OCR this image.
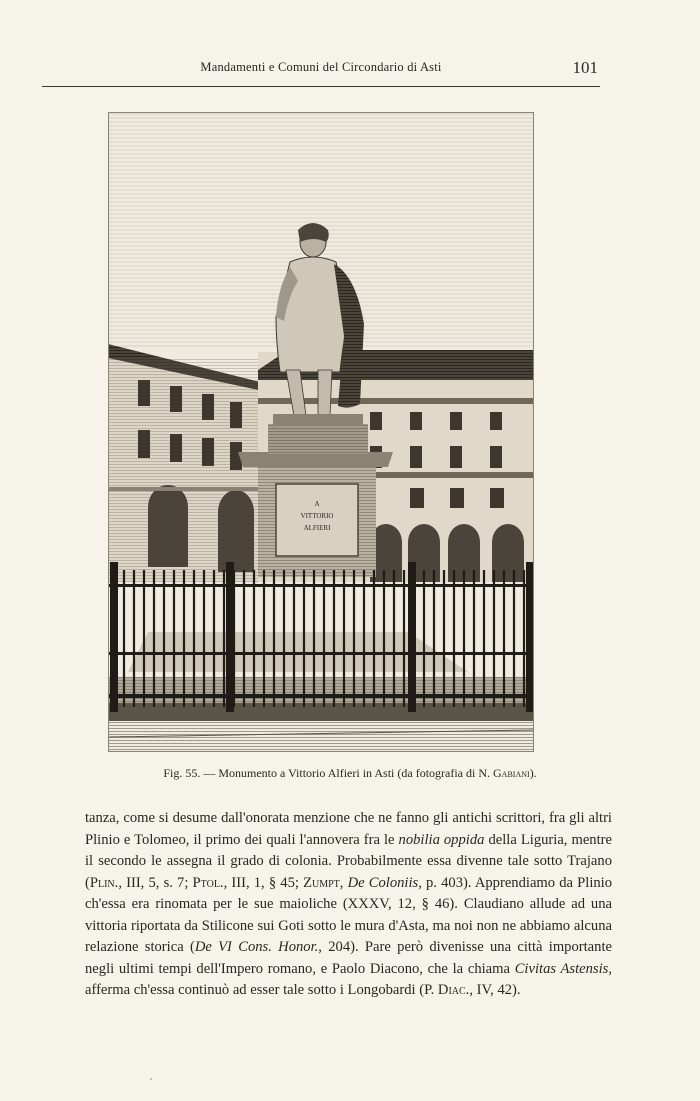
Mandamenti e Comuni del Circondario di Asti	101
A
VITTORIO
ALFIERI
Fig. 55. — Monumento a Vittorio Alfieri in Asti (da fotografia di N. Gabiani).

tanza, come si desume dall'onorata menzione che ne fanno gli antichi scrittori, fra gli altri Plinio e Tolomeo, il primo dei quali l'annovera fra le nobilia oppida della Liguria, mentre il secondo le assegna il grado di colonia. Probabilmente essa divenne tale sotto Trajano (Plin., III, 5, s. 7; Ptol., III, 1, § 45; Zumpt, De Coloniis, p. 403). Apprendiamo da Plinio ch'essa era rinomata per le sue maioliche (XXXV, 12, § 46). Claudiano allude ad una vittoria riportata da Stilicone sui Goti sotto le mura d'Asta, ma noi non ne abbiamo alcuna relazione storica (De VI Cons. Honor., 204). Pare però divenisse una città importante negli ultimi tempi dell'Impero romano, e Paolo Diacono, che la chiama Civitas Astensis, afferma ch'essa continuò ad esser tale sotto i Longobardi (P. Diac., IV, 42).
